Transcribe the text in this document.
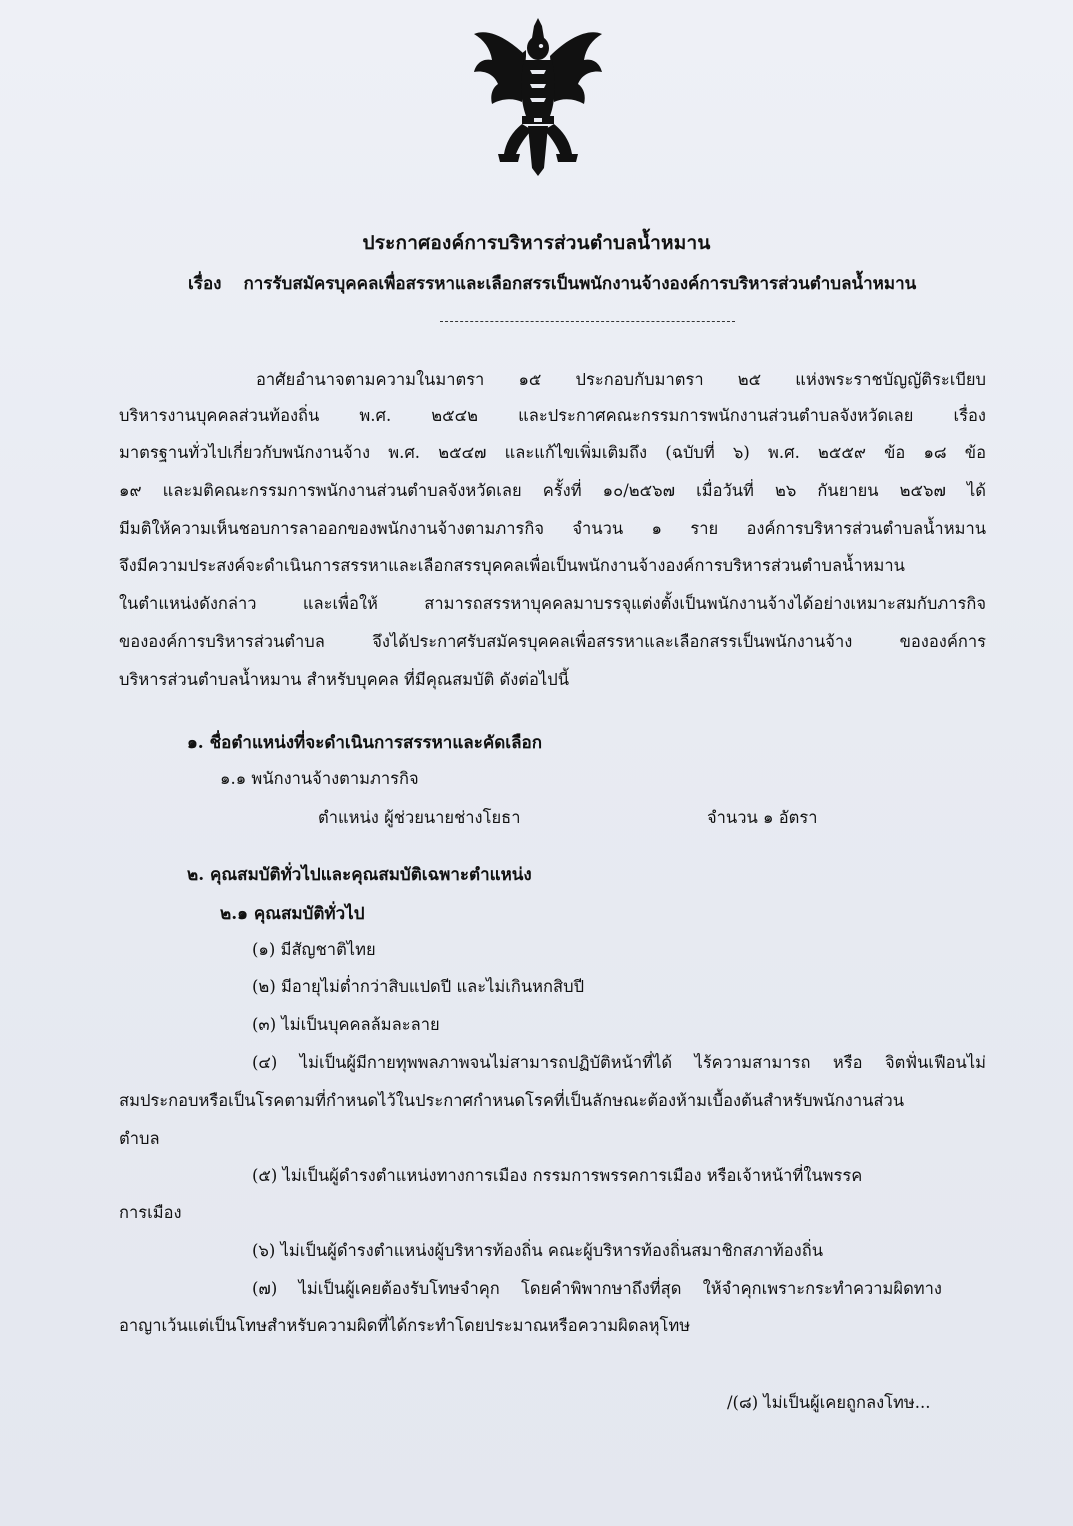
ประกาศองค์การบริหารส่วนตำบลน้ำหมาน
เรื่อง การรับสมัครบุคคลเพื่อสรรหาและเลือกสรรเป็นพนักงานจ้างองค์การบริหารส่วนตำบลน้ำหมาน
อาศัยอำนาจตามความในมาตรา ๑๕ ประกอบกับมาตรา ๒๕ แห่งพระราชบัญญัติระเบียบ
บริหารงานบุคคลส่วนท้องถิ่น พ.ศ. ๒๕๔๒ และประกาศคณะกรรมการพนักงานส่วนตำบลจังหวัดเลย เรื่อง
มาตรฐานทั่วไปเกี่ยวกับพนักงานจ้าง พ.ศ. ๒๕๔๗ และแก้ไขเพิ่มเติมถึง (ฉบับที่ ๖) พ.ศ. ๒๕๕๙ ข้อ ๑๘ ข้อ
๑๙ และมติคณะกรรมการพนักงานส่วนตำบลจังหวัดเลย ครั้งที่ ๑๐/๒๕๖๗ เมื่อวันที่ ๒๖ กันยายน ๒๕๖๗ ได้
มีมติให้ความเห็นชอบการลาออกของพนักงานจ้างตามภารกิจ จำนวน ๑ ราย องค์การบริหารส่วนตำบลน้ำหมาน
จึงมีความประสงค์จะดำเนินการสรรหาและเลือกสรรบุคคลเพื่อเป็นพนักงานจ้างองค์การบริหารส่วนตำบลน้ำหมาน
ในตำแหน่งดังกล่าว และเพื่อให้ สามารถสรรหาบุคคลมาบรรจุแต่งตั้งเป็นพนักงานจ้างได้อย่างเหมาะสมกับภารกิจ
ขององค์การบริหารส่วนตำบล จึงได้ประกาศรับสมัครบุคคลเพื่อสรรหาและเลือกสรรเป็นพนักงานจ้าง ขององค์การ
บริหารส่วนตำบลน้ำหมาน สำหรับบุคคล ที่มีคุณสมบัติ ดังต่อไปนี้
๑. ชื่อตำแหน่งที่จะดำเนินการสรรหาและคัดเลือก
๑.๑ พนักงานจ้างตามภารกิจ
ตำแหน่ง ผู้ช่วยนายช่างโยธา	จำนวน ๑ อัตรา
๒. คุณสมบัติทั่วไปและคุณสมบัติเฉพาะตำแหน่ง
๒.๑ คุณสมบัติทั่วไป
(๑) มีสัญชาติไทย
(๒) มีอายุไม่ต่ำกว่าสิบแปดปี และไม่เกินหกสิบปี
(๓) ไม่เป็นบุคคลล้มละลาย
(๔) ไม่เป็นผู้มีกายทุพพลภาพจนไม่สามารถปฏิบัติหน้าที่ได้ ไร้ความสามารถ หรือ จิตฟั่นเฟือนไม่
สมประกอบหรือเป็นโรคตามที่กำหนดไว้ในประกาศกำหนดโรคที่เป็นลักษณะต้องห้ามเบื้องต้นสำหรับพนักงานส่วน
ตำบล
(๕) ไม่เป็นผู้ดำรงตำแหน่งทางการเมือง กรรมการพรรคการเมือง หรือเจ้าหน้าที่ในพรรค
การเมือง
(๖) ไม่เป็นผู้ดำรงตำแหน่งผู้บริหารท้องถิ่น คณะผู้บริหารท้องถิ่นสมาชิกสภาท้องถิ่น
(๗) ไม่เป็นผู้เคยต้องรับโทษจำคุก โดยคำพิพากษาถึงที่สุด ให้จำคุกเพราะกระทำความผิดทาง
อาญาเว้นแต่เป็นโทษสำหรับความผิดที่ได้กระทำโดยประมาณหรือความผิดลหุโทษ
/(๘) ไม่เป็นผู้เคยถูกลงโทษ...
